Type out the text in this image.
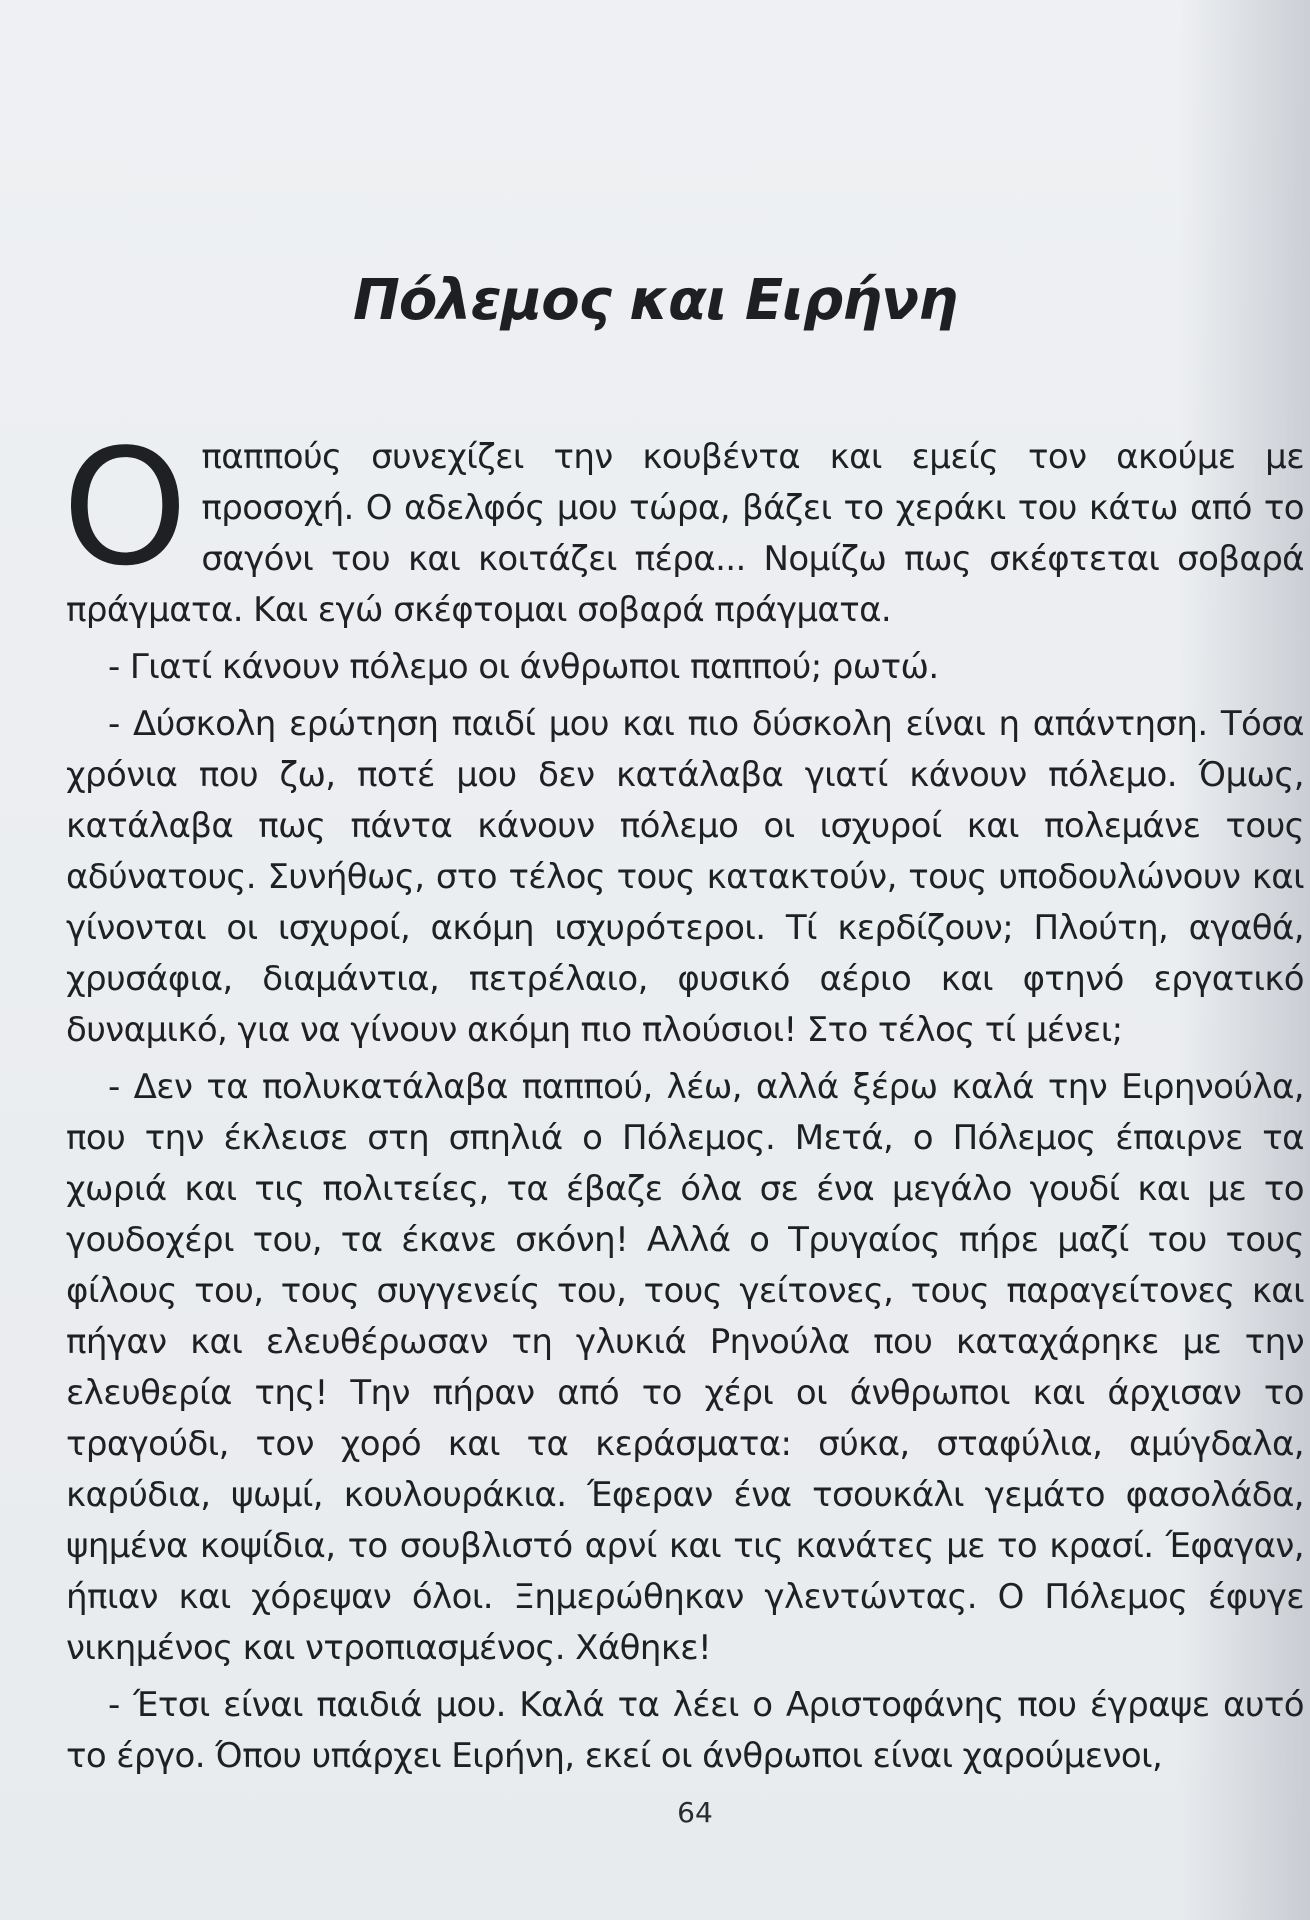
Πόλεμος και Ειρήνη

Ο παππούς συνεχίζει την κουβέντα και εμείς τον ακούμε με προσοχή. Ο αδελφός μου τώρα, βάζει το χεράκι του κάτω από το σαγόνι του και κοιτάζει πέρα... Νομίζω πως σκέφτεται σοβαρά πράγματα. Και εγώ σκέφτομαι σοβαρά πράγματα.

- Γιατί κάνουν πόλεμο οι άνθρωποι παππού; ρωτώ.

- Δύσκολη ερώτηση παιδί μου και πιο δύσκολη είναι η απάντηση. Τόσα χρόνια που ζω, ποτέ μου δεν κατάλαβα γιατί κάνουν πόλεμο. Όμως, κατάλαβα πως πάντα κάνουν πόλεμο οι ισχυροί και πολεμάνε τους αδύνατους. Συνήθως, στο τέλος τους κατακτούν, τους υποδουλώνουν και γίνονται οι ισχυροί, ακόμη ισχυρότεροι. Τί κερδίζουν; Πλούτη, αγαθά, χρυσάφια, διαμάντια, πετρέλαιο, φυσικό αέριο και φτηνό εργατικό δυναμικό, για να γίνουν ακόμη πιο πλούσιοι! Στο τέλος τί μένει;

- Δεν τα πολυκατάλαβα παππού, λέω, αλλά ξέρω καλά την Ειρηνούλα, που την έκλεισε στη σπηλιά ο Πόλεμος. Μετά, ο Πόλεμος έπαιρνε τα χωριά και τις πολιτείες, τα έβαζε όλα σε ένα μεγάλο γουδί και με το γουδοχέρι του, τα έκανε σκόνη! Αλλά ο Τρυγαίος πήρε μαζί του τους φίλους του, τους συγγενείς του, τους γείτονες, τους παραγείτονες και πήγαν και ελευθέρωσαν τη γλυκιά Ρηνούλα που καταχάρηκε με την ελευθερία της! Την πήραν από το χέρι οι άνθρωποι και άρχισαν το τραγούδι, τον χορό και τα κεράσματα: σύκα, σταφύλια, αμύγδαλα, καρύδια, ψωμί, κουλουράκια. Έφεραν ένα τσουκάλι γεμάτο φασολάδα, ψημένα κοψίδια, το σουβλιστό αρνί και τις κανάτες με το κρασί. Έφαγαν, ήπιαν και χόρεψαν όλοι. Ξημερώθηκαν γλεντώντας. Ο Πόλεμος έφυγε νικημένος και ντροπιασμένος. Χάθηκε!

- Έτσι είναι παιδιά μου. Καλά τα λέει ο Αριστοφάνης που έγραψε αυτό το έργο. Όπου υπάρχει Ειρήνη, εκεί οι άνθρωποι είναι χαρούμενοι,

64
